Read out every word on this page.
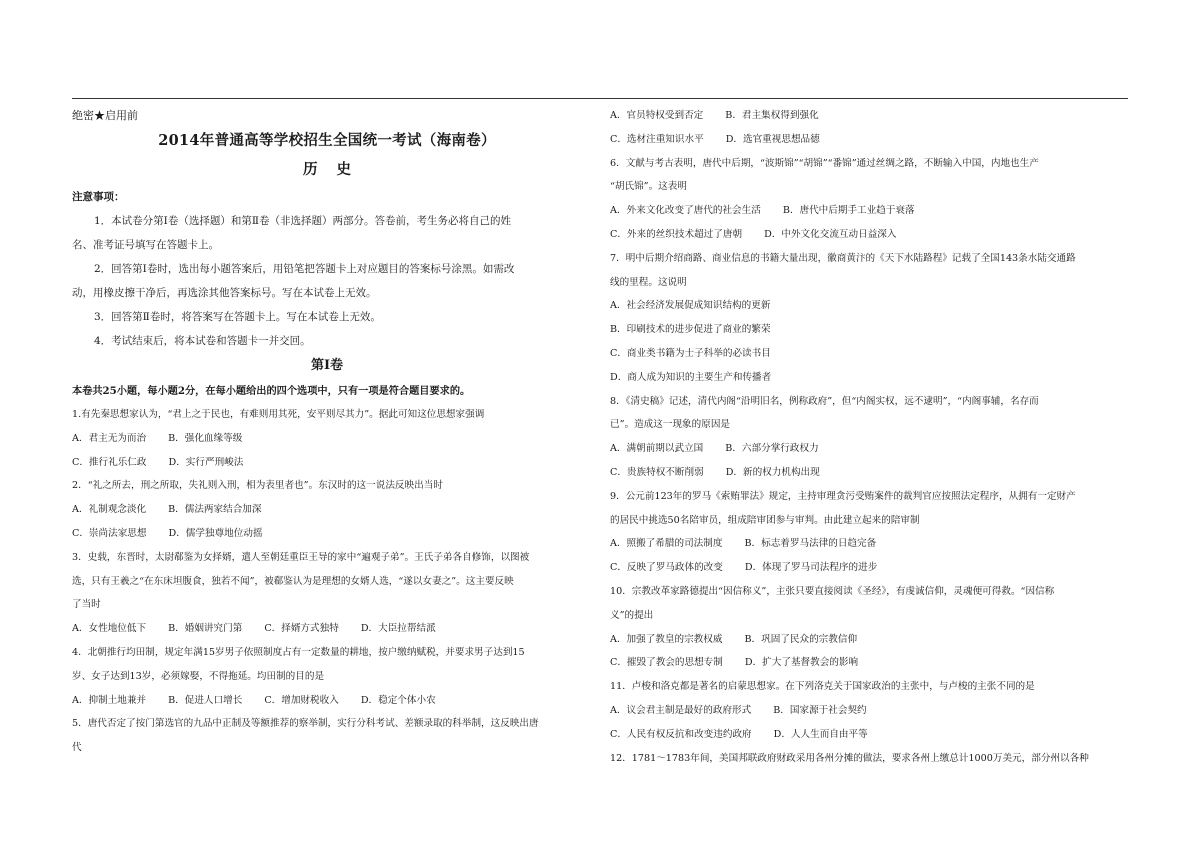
绝密★启用前
2014年普通高等学校招生全国统一考试（海南卷）
历 史
注意事项：
1．本试卷分第Ⅰ卷（选择题）和第Ⅱ卷（非选择题）两部分。答卷前，考生务必将自己的姓
名、准考证号填写在答题卡上。
2．回答第Ⅰ卷时，选出每小题答案后，用铅笔把答题卡上对应题目的答案标号涂黑。如需改
动，用橡皮擦干净后，再选涂其他答案标号。写在本试卷上无效。
3．回答第Ⅱ卷时，将答案写在答题卡上。写在本试卷上无效。
4．考试结束后，将本试卷和答题卡一并交回。
第Ⅰ卷
本卷共25小题，每小题2分，在每小题给出的四个选项中，只有一项是符合题目要求的。
1.有先秦思想家认为，“君上之于民也，有难则用其死，安平则尽其力”。据此可知这位思想家强调
A．君主无为而治 B．强化血缘等级
C．推行礼乐仁政 D．实行严刑峻法
2．“礼之所去，刑之所取，失礼则入刑，相为表里者也”。东汉时的这一说法反映出当时
A．礼制观念淡化 B．儒法两家结合加深
C．崇尚法家思想 D．儒学独尊地位动摇
3．史载，东晋时，太尉郗鉴为女择婿，遣人至朝廷重臣王导的家中“遍观子弟”。王氏子弟各自修饰，以图被
选，只有王羲之“在东床坦腹食，独若不闻”，被郗鉴认为是理想的女婿人选，“遂以女妻之”。这主要反映
了当时
A．女性地位低下 B．婚姻讲究门第 C．择婿方式独特 D．大臣拉帮结派
4．北朝推行均田制，规定年满15岁男子依照制度占有一定数量的耕地，按户缴纳赋税，并要求男子达到15
岁、女子达到13岁，必须嫁娶，不得拖延。均田制的目的是
A．抑制土地兼并 B．促进人口增长 C．增加财税收入 D．稳定个体小农
5．唐代否定了按门第选官的九品中正制及等额推荐的察举制，实行分科考试、差额录取的科举制，这反映出唐
代
A．官员特权受到否定 B．君主集权得到强化
C．选材注重知识水平 D．选官重视思想品德
6．文献与考古表明，唐代中后期，“波斯锦”“胡锦”“番锦”通过丝绸之路，不断输入中国，内地也生产
“胡氏锦”。这表明
A．外来文化改变了唐代的社会生活 B．唐代中后期手工业趋于衰落
C．外来的丝织技术超过了唐朝 D．中外文化交流互动日益深入
7．明中后期介绍商路、商业信息的书籍大量出现，徽商黄汴的《天下水陆路程》记载了全国143条水陆交通路
线的里程。这说明
A．社会经济发展促成知识结构的更新
B．印刷技术的进步促进了商业的繁荣
C．商业类书籍为士子科举的必读书目
D．商人成为知识的主要生产和传播者
8．《清史稿》记述，清代内阁“沿明旧名，例称政府”，但“内阁实权，远不逮明”，“内阁事辅，名存而
已”。造成这一现象的原因是
A．满朝前期以武立国 B．六部分掌行政权力
C．贵族特权不断削弱 D．新的权力机构出现
9．公元前123年的罗马《索贿罪法》规定，主持审理贪污受贿案件的裁判官应按照法定程序，从拥有一定财产
的居民中挑选50名陪审员，组成陪审团参与审判。由此建立起来的陪审制
A．照搬了希腊的司法制度 B．标志着罗马法律的日趋完备
C．反映了罗马政体的改变 D．体现了罗马司法程序的进步
10．宗教改革家路德提出“因信称义”，主张只要直接阅读《圣经》，有虔诚信仰，灵魂便可得救。“因信称
义”的提出
A．加强了教皇的宗教权威 B．巩固了民众的宗教信仰
C．摧毁了教会的思想专制 D．扩大了基督教会的影响
11．卢梭和洛克都是著名的启蒙思想家。在下列洛克关于国家政治的主张中，与卢梭的主张不同的是
A．议会君主制是最好的政府形式 B．国家源于社会契约
C．人民有权反抗和改变违约政府 D．人人生而自由平等
12．1781～1783年间，美国邦联政府财政采用各州分摊的做法，要求各州上缴总计1000万美元，部分州以各种
